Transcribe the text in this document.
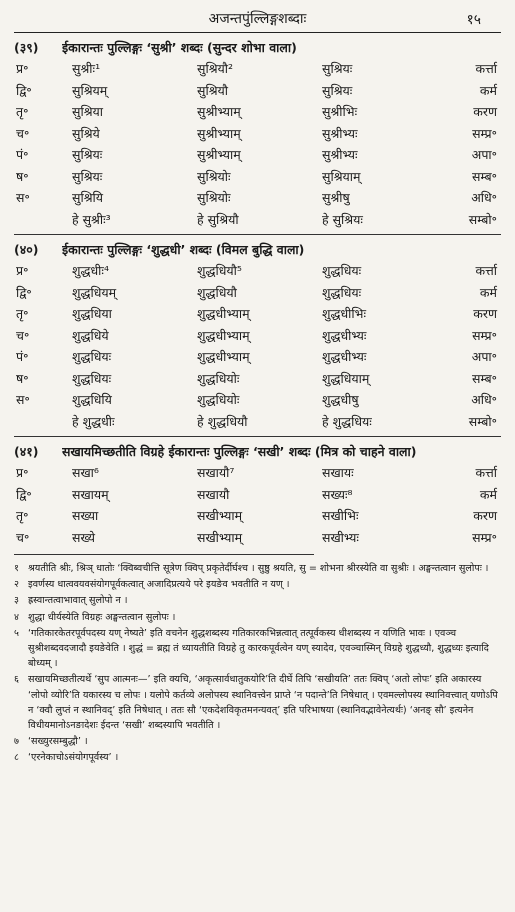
अजन्तपुंल्लिङ्गशब्दाः	१५
(३९)	ईकारान्तः पुल्लिङ्गः ‘सुश्री’ शब्दः (सुन्दर शोभा वाला)
प्र॰	सुश्रीः¹	सुश्रियौ²	सुश्रियः	कर्त्ता
द्वि॰	सुश्रियम्	सुश्रियौ	सुश्रियः	कर्म
तृ॰	सुश्रिया	सुश्रीभ्याम्	सुश्रीभिः	करण
च॰	सुश्रिये	सुश्रीभ्याम्	सुश्रीभ्यः	सम्प्र॰
पं॰	सुश्रियः	सुश्रीभ्याम्	सुश्रीभ्यः	अपा॰
ष॰	सुश्रियः	सुश्रियोः	सुश्रियाम्	सम्ब॰
स॰	सुश्रियि	सुश्रियोः	सुश्रीषु	अधि॰
हे सुश्रीः³	हे सुश्रियौ	हे सुश्रियः	सम्बो॰
(४०)	ईकारान्तः पुल्लिङ्गः ‘शुद्धधी’ शब्दः (विमल बुद्धि वाला)
प्र॰	शुद्धधीः⁴	शुद्धधियौ⁵	शुद्धधियः	कर्त्ता
द्वि॰	शुद्धधियम्	शुद्धधियौ	शुद्धधियः	कर्म
तृ॰	शुद्धधिया	शुद्धधीभ्याम्	शुद्धधीभिः	करण
च॰	शुद्धधिये	शुद्धधीभ्याम्	शुद्धधीभ्यः	सम्प्र॰
पं॰	शुद्धधियः	शुद्धधीभ्याम्	शुद्धधीभ्यः	अपा॰
ष॰	शुद्धधियः	शुद्धधियोः	शुद्धधियाम्	सम्ब॰
स॰	शुद्धधियि	शुद्धधियोः	शुद्धधीषु	अधि॰
हे शुद्धधीः	हे शुद्धधियौ	हे शुद्धधियः	सम्बो॰
(४१)	सखायमिच्छतीति विग्रहे ईकारान्तः पुल्लिङ्गः ‘सखी’ शब्दः (मित्र को चाहने वाला)
प्र॰	सखा⁶	सखायौ⁷	सखायः	कर्त्ता
द्वि॰	सखायम्	सखायौ	सख्यः⁸	कर्म
तृ॰	सख्या	सखीभ्याम्	सखीभिः	करण
च॰	सख्ये	सखीभ्याम्	सखीभ्यः	सम्प्र॰
१ श्रयतीति श्रीः, श्रिञ् धातोः ‘क्विब्वचीत्ति सूत्रेण क्विप् प्रकृतेर्दीर्घश्च । सुष्ठु श्रयति, सु = शोभना श्रीरस्येति वा सुश्रीः । अङ्घन्तत्वान सुलोपः ।
२ इवर्णस्य धात्ववयवसंयोगपूर्वकत्वात् अजादिप्रत्यये परे इयङेव भवतीति न यण् ।
३ ह्रस्वान्तत्वाभावात् सुलोपो न ।
४ शुद्धा धीर्यस्येति विग्रहः अङ्घन्तत्वान सुलोपः ।
५ ‘गतिकारकेतरपूर्वपदस्य यण् नेष्यते’ इति वचनेन शुद्धशब्दस्य गतिकारकभिन्नत्वात् तत्पूर्वकस्य धीशब्दस्य न यणिति भावः । एवञ्च सुश्रीशब्दवदजादौ इयङेवेति । शुद्धं = ब्रह्म तं ध्यायतीति विग्रहे तु कारकपूर्वत्वेन यण् स्यादेव, एवञ्चास्मिन् विग्रहे शुद्धध्यौ, शुद्धध्यः इत्यादि बोध्यम् ।
६ सखायमिच्छतीत्यर्थे ‘सुप आत्मनः—’ इति क्यचि, ‘अकृत्सार्वधातुकयोरि’ति दीर्घे तिपि ‘सखीयति’ ततः क्विप् ‘अतो लोपः’ इति अकारस्य ‘लोपो व्योरि’ति यकारस्य च लोपः । यलोपे कर्तव्ये अलोपस्य स्थानिवत्त्वेन प्राप्ते ‘न पदान्ते’ति निषेधात् । एवमल्लोपस्य स्थानिवत्त्वात् यणोऽपि न ‘क्वौ लुप्तं न स्थानिवद्’ इति निषेधात् । ततः सौ ‘एकदेशविकृतमनन्यवत्’ इति परिभाषया (स्थानिवद्भावेनेत्यर्थः) ‘अनङ् सौ’ इत्यनेन विधीयमानोऽनङादेशः ईदन्त ‘सखी’ शब्दस्यापि भवतीति ।
७ ‘सख्युरसम्बुद्धौ’ ।
८ ‘एरनेकाचोऽसंयोगपूर्वस्य’ ।
